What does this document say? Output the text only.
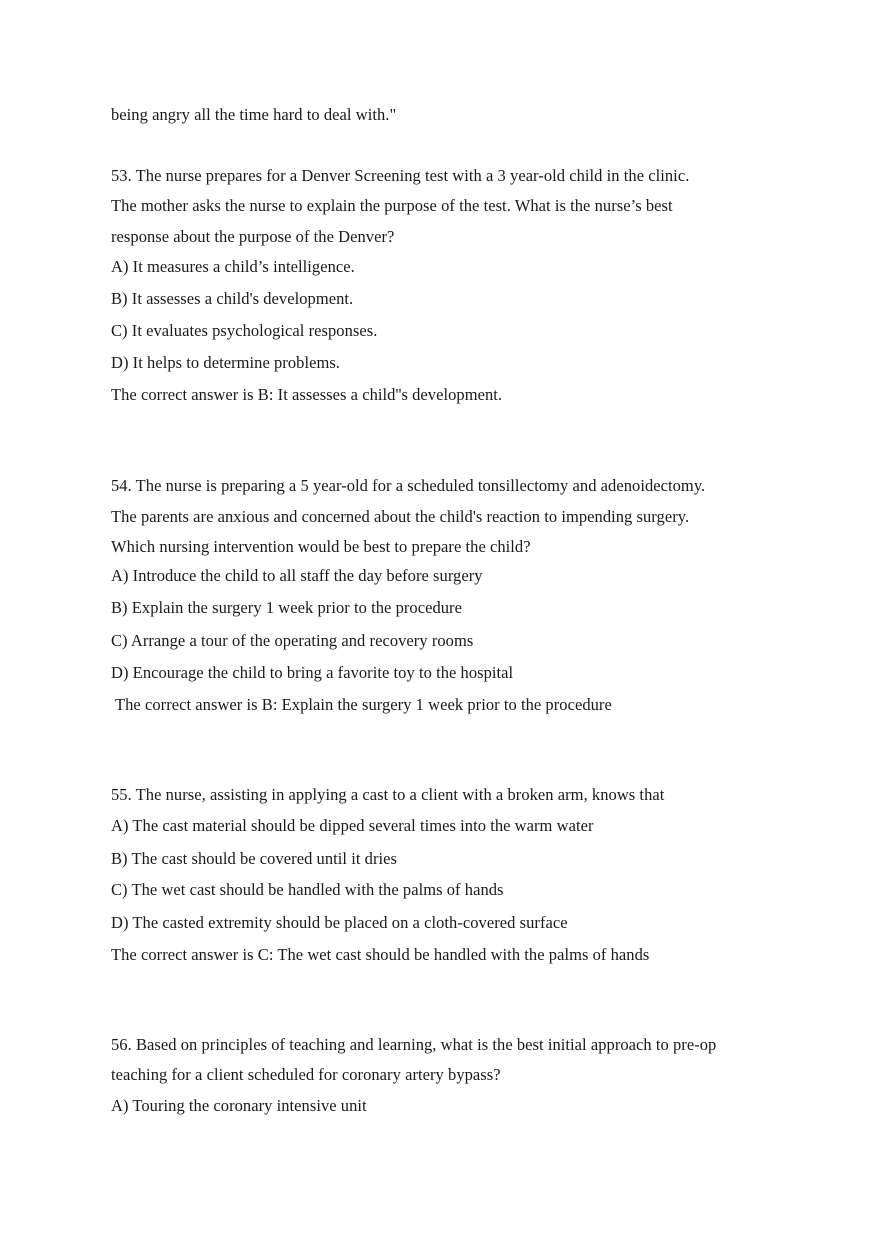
being angry all the time hard to deal with."
53. The nurse prepares for a Denver Screening test with a 3 year-old child in the clinic.
The mother asks the nurse to explain the purpose of the test. What is the nurse’s best
response about the purpose of the Denver?
A) It measures a child’s intelligence.
B) It assesses a child's development.
C) It evaluates psychological responses.
D) It helps to determine problems.
The correct answer is B: It assesses a child''s development.
54. The nurse is preparing a 5 year-old for a scheduled tonsillectomy and adenoidectomy.
The parents are anxious and concerned about the child's reaction to impending surgery.
Which nursing intervention would be best to prepare the child?
A) Introduce the child to all staff the day before surgery
B) Explain the surgery 1 week prior to the procedure
C) Arrange a tour of the operating and recovery rooms
D) Encourage the child to bring a favorite toy to the hospital
The correct answer is B: Explain the surgery 1 week prior to the procedure
55. The nurse, assisting in applying a cast to a client with a broken arm, knows that
A) The cast material should be dipped several times into the warm water
B) The cast should be covered until it dries
C) The wet cast should be handled with the palms of hands
D) The casted extremity should be placed on a cloth-covered surface
The correct answer is C: The wet cast should be handled with the palms of hands
56. Based on principles of teaching and learning, what is the best initial approach to pre-op
teaching for a client scheduled for coronary artery bypass?
A) Touring the coronary intensive unit
